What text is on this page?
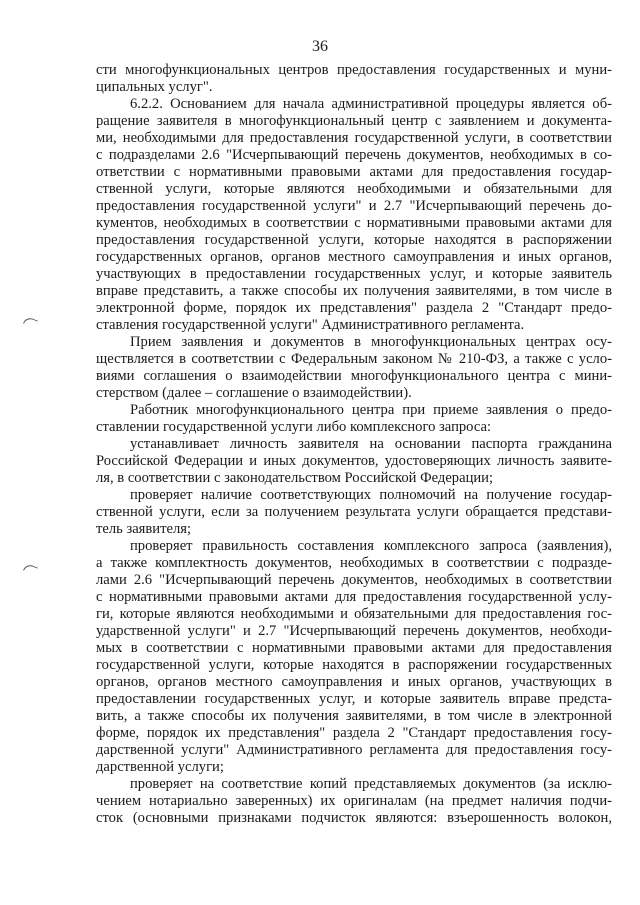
36
сти многофункциональных центров предоставления государственных и муни-
ципальных услуг".
6.2.2. Основанием для начала административной процедуры является об-
ращение заявителя в многофункциональный центр с заявлением и документа-
ми, необходимыми для предоставления государственной услуги, в соответствии
с подразделами 2.6 "Исчерпывающий перечень документов, необходимых в со-
ответствии с нормативными правовыми актами для предоставления государ-
ственной услуги, которые являются необходимыми и обязательными для
предоставления государственной услуги" и 2.7 "Исчерпывающий перечень до-
кументов, необходимых в соответствии с нормативными правовыми актами для
предоставления государственной услуги, которые находятся в распоряжении
государственных органов, органов местного самоуправления и иных органов,
участвующих в предоставлении государственных услуг, и которые заявитель
вправе представить, а также способы их получения заявителями, в том числе в
электронной форме, порядок их представления" раздела 2 "Стандарт предо-
ставления государственной услуги" Административного регламента.
Прием заявления и документов в многофункциональных центрах осу-
ществляется в соответствии с Федеральным законом № 210-ФЗ, а также с усло-
виями соглашения о взаимодействии многофункционального центра с мини-
стерством (далее – соглашение о взаимодействии).
Работник многофункционального центра при приеме заявления о предо-
ставлении государственной услуги либо комплексного запроса:
устанавливает личность заявителя на основании паспорта гражданина
Российской Федерации и иных документов, удостоверяющих личность заявите-
ля, в соответствии с законодательством Российской Федерации;
проверяет наличие соответствующих полномочий на получение государ-
ственной услуги, если за получением результата услуги обращается представи-
тель заявителя;
проверяет правильность составления комплексного запроса (заявления),
а также комплектность документов, необходимых в соответствии с подразде-
лами 2.6 "Исчерпывающий перечень документов, необходимых в соответствии
с нормативными правовыми актами для предоставления государственной услу-
ги, которые являются необходимыми и обязательными для предоставления гос-
ударственной услуги" и 2.7 "Исчерпывающий перечень документов, необходи-
мых в соответствии с нормативными правовыми актами для предоставления
государственной услуги, которые находятся в распоряжении государственных
органов, органов местного самоуправления и иных органов, участвующих в
предоставлении государственных услуг, и которые заявитель вправе предста-
вить, а также способы их получения заявителями, в том числе в электронной
форме, порядок их представления" раздела 2 "Стандарт предоставления госу-
дарственной услуги" Административного регламента для предоставления госу-
дарственной услуги;
проверяет на соответствие копий представляемых документов (за исклю-
чением нотариально заверенных) их оригиналам (на предмет наличия подчи-
сток (основными признаками подчисток являются: взъерошенность волокон,
